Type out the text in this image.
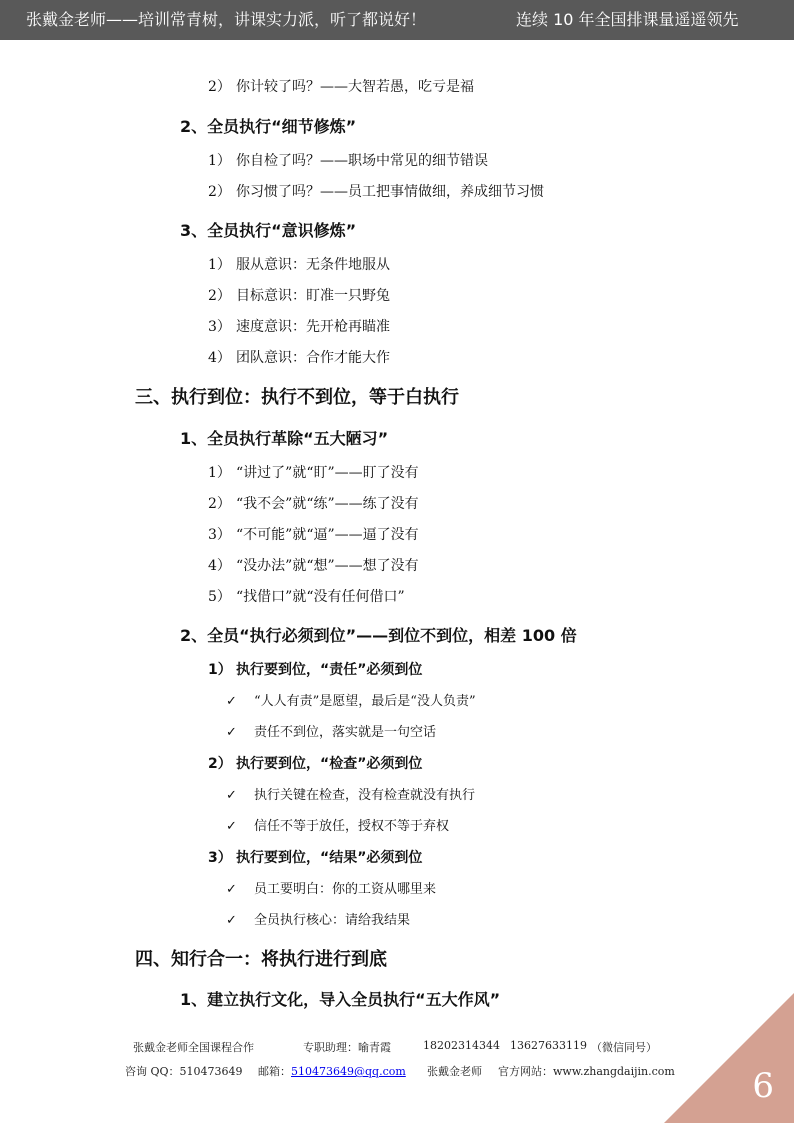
张戴金老师——培训常青树，讲课实力派，听了都说好！	连续 10 年全国排课量遥遥领先
2） 你计较了吗？——大智若愚，吃亏是福
2、全员执行“细节修炼”
1） 你自检了吗？——职场中常见的细节错误
2） 你习惯了吗？——员工把事情做细，养成细节习惯
3、全员执行“意识修炼”
1） 服从意识：无条件地服从
2） 目标意识：盯准一只野兔
3） 速度意识：先开枪再瞄准
4） 团队意识：合作才能大作
三、执行到位：执行不到位，等于白执行
1、全员执行革除“五大陋习”
1） “讲过了”就“盯”——盯了没有
2） “我不会”就“练”——练了没有
3） “不可能”就“逼”——逼了没有
4） “没办法”就“想”——想了没有
5） “找借口”就“没有任何借口”
2、全员“执行必须到位”——到位不到位，相差 100 倍
1） 执行要到位，“责任”必须到位
✓ “人人有责”是愿望，最后是“没人负责”
✓ 责任不到位，落实就是一句空话
2） 执行要到位，“检查”必须到位
✓ 执行关键在检查，没有检查就没有执行
✓ 信任不等于放任，授权不等于弃权
3） 执行要到位，“结果”必须到位
✓ 员工要明白：你的工资从哪里来
✓ 全员执行核心：请给我结果
四、知行合一：将执行进行到底
1、建立执行文化，导入全员执行“五大作风”
张戴金老师全国课程合作	专职助理：喻青霞	18202314344 13627633119 （微信同号）
咨询 QQ：510473649 邮箱：510473649@qq.com 张戴金老师 官方网站：www.zhangdaijin.com 6
